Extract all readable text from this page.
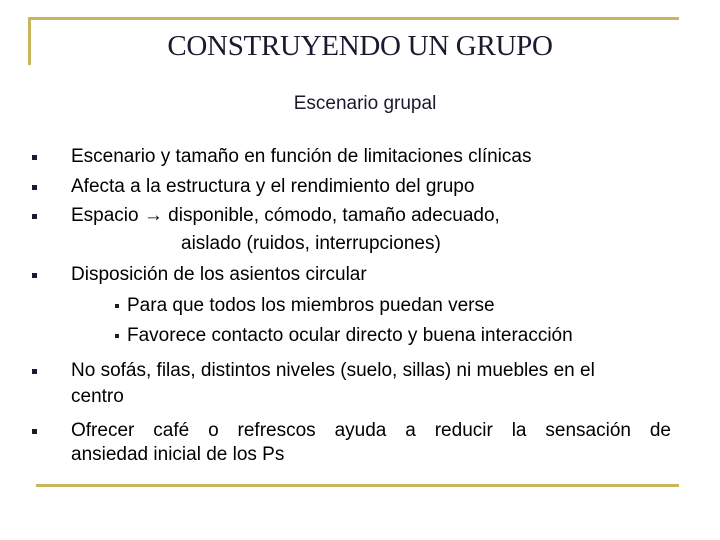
CONSTRUYENDO UN GRUPO
Escenario grupal
Escenario y tamaño en función de limitaciones clínicas
Afecta a la estructura y el rendimiento del grupo
Espacio → disponible, cómodo, tamaño adecuado,
aislado (ruidos, interrupciones)
Disposición de los asientos circular
Para que todos los miembros puedan verse
Favorece contacto ocular directo y buena interacción
No sofás, filas, distintos niveles (suelo, sillas) ni muebles en el
centro
Ofrecer café o refrescos ayuda a reducir la sensación de
ansiedad inicial de los Ps
